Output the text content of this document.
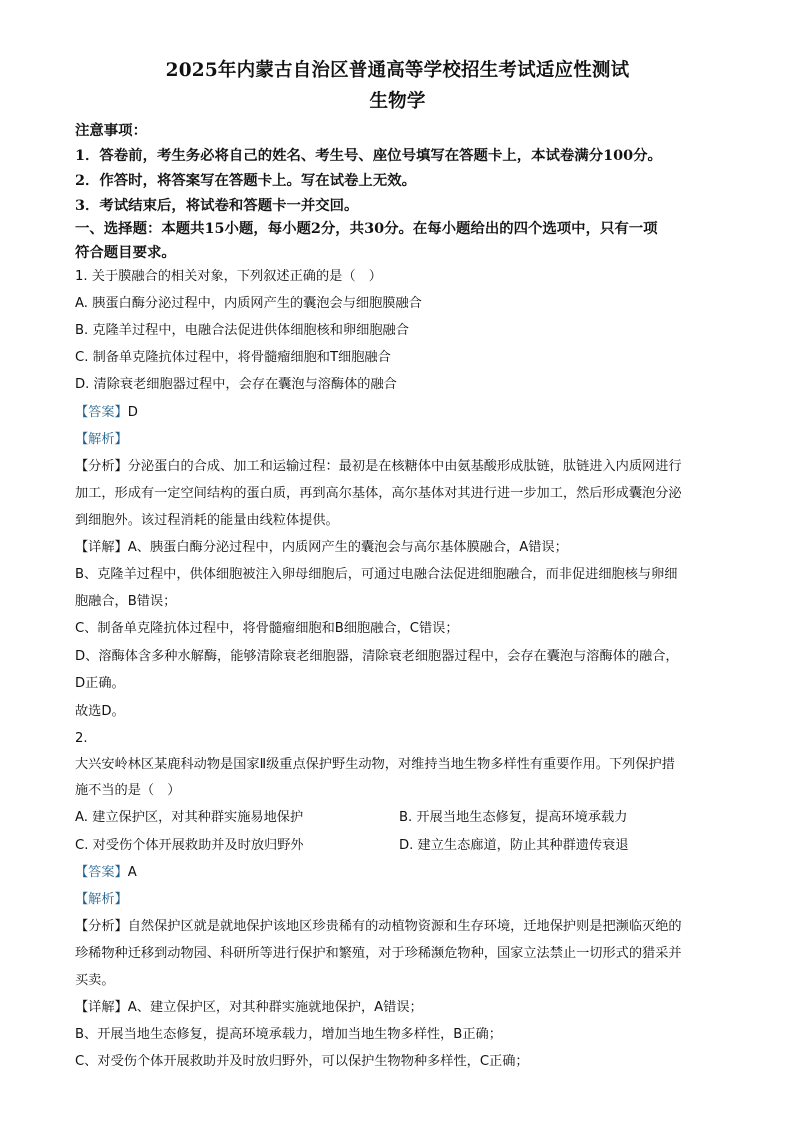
2025年内蒙古自治区普通高等学校招生考试适应性测试
生物学
注意事项：
1．答卷前，考生务必将自己的姓名、考生号、座位号填写在答题卡上，本试卷满分100分。
2．作答时，将答案写在答题卡上。写在试卷上无效。
3．考试结束后，将试卷和答题卡一并交回。
一、选择题：本题共15小题，每小题2分，共30分。在每小题给出的四个选项中，只有一项
符合题目要求。
1. 关于膜融合的相关对象，下列叙述正确的是（　）
A. 胰蛋白酶分泌过程中，内质网产生的囊泡会与细胞膜融合
B. 克隆羊过程中，电融合法促进供体细胞核和卵细胞融合
C. 制备单克隆抗体过程中，将骨髓瘤细胞和T细胞融合
D. 清除衰老细胞器过程中，会存在囊泡与溶酶体的融合
【答案】D
【解析】
【分析】分泌蛋白的合成、加工和运输过程：最初是在核糖体中由氨基酸形成肽链，肽链进入内质网进行
加工，形成有一定空间结构的蛋白质，再到高尔基体，高尔基体对其进行进一步加工，然后形成囊泡分泌
到细胞外。该过程消耗的能量由线粒体提供。
【详解】A、胰蛋白酶分泌过程中，内质网产生的囊泡会与高尔基体膜融合，A错误；
B、克隆羊过程中，供体细胞被注入卵母细胞后，可通过电融合法促进细胞融合，而非促进细胞核与卵细
胞融合，B错误；
C、制备单克隆抗体过程中，将骨髓瘤细胞和B细胞融合，C错误；
D、溶酶体含多种水解酶，能够清除衰老细胞器，清除衰老细胞器过程中，会存在囊泡与溶酶体的融合，
D正确。
故选D。
2.
大兴安岭林区某鹿科动物是国家Ⅱ级重点保护野生动物，对维持当地生物多样性有重要作用。下列保护措
施不当的是（　）
A. 建立保护区，对其种群实施易地保护	B. 开展当地生态修复，提高环境承载力
C. 对受伤个体开展救助并及时放归野外	D. 建立生态廊道，防止其种群遗传衰退
【答案】A
【解析】
【分析】自然保护区就是就地保护该地区珍贵稀有的动植物资源和生存环境，迁地保护则是把濒临灭绝的
珍稀物种迁移到动物园、科研所等进行保护和繁殖，对于珍稀濒危物种，国家立法禁止一切形式的猎采并
买卖。
【详解】A、建立保护区，对其种群实施就地保护，A错误；
B、开展当地生态修复，提高环境承载力，增加当地生物多样性，B正确；
C、对受伤个体开展救助并及时放归野外，可以保护生物物种多样性，C正确；
